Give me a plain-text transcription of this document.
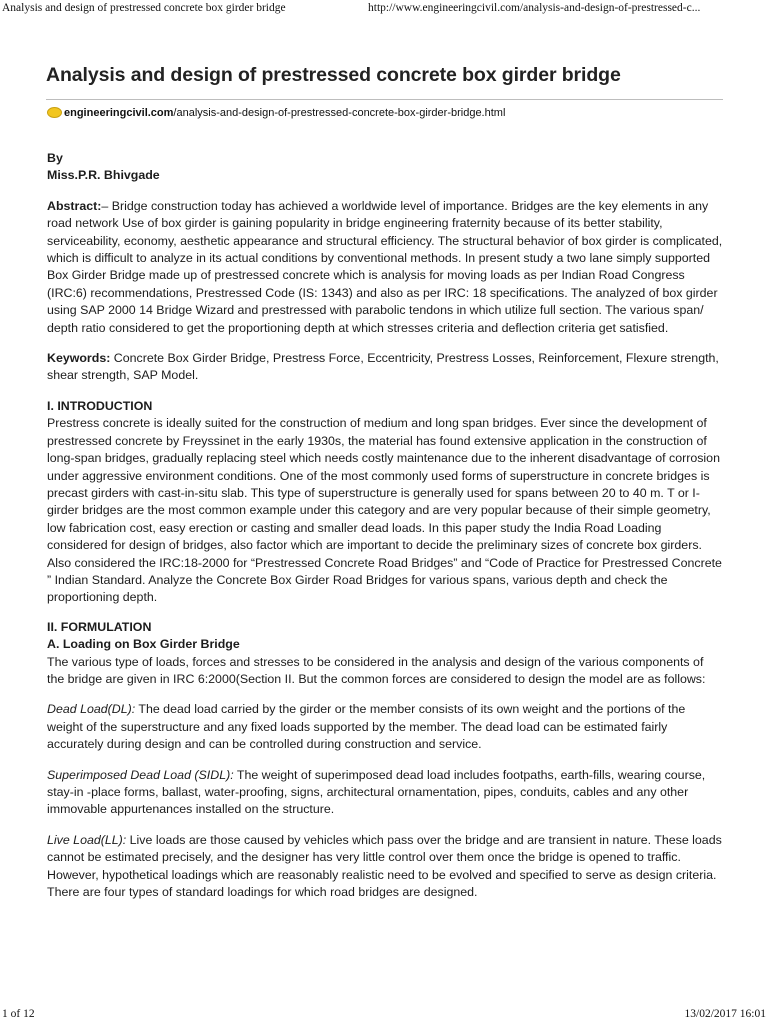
Analysis and design of prestressed concrete box girder bridge	http://www.engineeringcivil.com/analysis-and-design-of-prestressed-c...
Analysis and design of prestressed concrete box girder bridge
engineeringcivil.com/analysis-and-design-of-prestressed-concrete-box-girder-bridge.html

By

Miss.P.R. Bhivgade

Abstract:– Bridge construction today has achieved a worldwide level of importance. Bridges are the key elements in any road network Use of box girder is gaining popularity in bridge engineering fraternity because of its better stability, serviceability, economy, aesthetic appearance and structural efficiency. The structural behavior of box girder is complicated, which is difficult to analyze in its actual conditions by conventional methods. In present study a two lane simply supported Box Girder Bridge made up of prestressed concrete which is analysis for moving loads as per Indian Road Congress (IRC:6) recommendations, Prestressed Code (IS: 1343) and also as per IRC: 18 specifications. The analyzed of box girder using SAP 2000 14 Bridge Wizard and prestressed with parabolic tendons in which utilize full section. The various span/ depth ratio considered to get the proportioning depth at which stresses criteria and deflection criteria get satisfied.

Keywords: Concrete Box Girder Bridge, Prestress Force, Eccentricity, Prestress Losses, Reinforcement, Flexure strength, shear strength, SAP Model.

I. INTRODUCTION

Prestress concrete is ideally suited for the construction of medium and long span bridges. Ever since the development of prestressed concrete by Freyssinet in the early 1930s, the material has found extensive application in the construction of long-span bridges, gradually replacing steel which needs costly maintenance due to the inherent disadvantage of corrosion under aggressive environment conditions. One of the most commonly used forms of superstructure in concrete bridges is precast girders with cast-in-situ slab. This type of superstructure is generally used for spans between 20 to 40 m. T or I-girder bridges are the most common example under this category and are very popular because of their simple geometry, low fabrication cost, easy erection or casting and smaller dead loads. In this paper study the India Road Loading considered for design of bridges, also factor which are important to decide the preliminary sizes of concrete box girders. Also considered the IRC:18-2000 for “Prestressed Concrete Road Bridges” and “Code of Practice for Prestressed Concrete ” Indian Standard. Analyze the Concrete Box Girder Road Bridges for various spans, various depth and check the proportioning depth.

II. FORMULATION

A. Loading on Box Girder Bridge

The various type of loads, forces and stresses to be considered in the analysis and design of the various components of the bridge are given in IRC 6:2000(Section II. But the common forces are considered to design the model are as follows:

Dead Load(DL): The dead load carried by the girder or the member consists of its own weight and the portions of the weight of the superstructure and any fixed loads supported by the member. The dead load can be estimated fairly accurately during design and can be controlled during construction and service.

Superimposed Dead Load (SIDL): The weight of superimposed dead load includes footpaths, earth-fills, wearing course, stay-in -place forms, ballast, water-proofing, signs, architectural ornamentation, pipes, conduits, cables and any other immovable appurtenances installed on the structure.

Live Load(LL): Live loads are those caused by vehicles which pass over the bridge and are transient in nature. These loads cannot be estimated precisely, and the designer has very little control over them once the bridge is opened to traffic. However, hypothetical loadings which are reasonably realistic need to be evolved and specified to serve as design criteria. There are four types of standard loadings for which road bridges are designed.

1 of 12	13/02/2017 16:01
